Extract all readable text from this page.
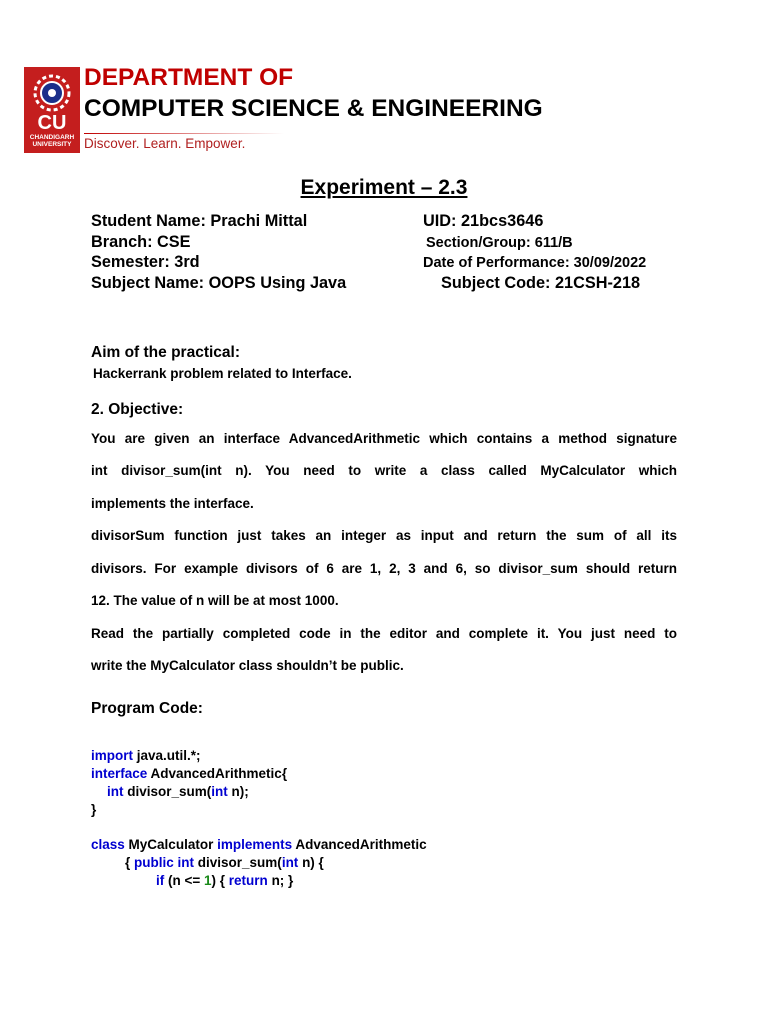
CU
CHANDIGARH UNIVERSITY
DEPARTMENT OF
COMPUTER SCIENCE & ENGINEERING
Discover. Learn. Empower.
Experiment – 2.3
Student Name: Prachi Mittal	UID: 21bcs3646
Branch: CSE	Section/Group: 611/B
Semester: 3rd	Date of Performance: 30/09/2022
Subject Name: OOPS Using Java	Subject Code: 21CSH-218
Aim of the practical:
Hackerrank problem related to Interface.
2. Objective:
You are given an interface AdvancedArithmetic which contains a method signature
int divisor_sum(int n). You need to write a class called MyCalculator which
implements the interface.
divisorSum function just takes an integer as input and return the sum of all its
divisors. For example divisors of 6 are 1, 2, 3 and 6, so divisor_sum should return
12. The value of n will be at most 1000.
Read the partially completed code in the editor and complete it. You just need to
write the MyCalculator class shouldn’t be public.
Program Code:
import java.util.*;
interface AdvancedArithmetic{
int divisor_sum(int n);
}
class MyCalculator implements AdvancedArithmetic
{ public int divisor_sum(int n) {
if (n <= 1) { return n; }
